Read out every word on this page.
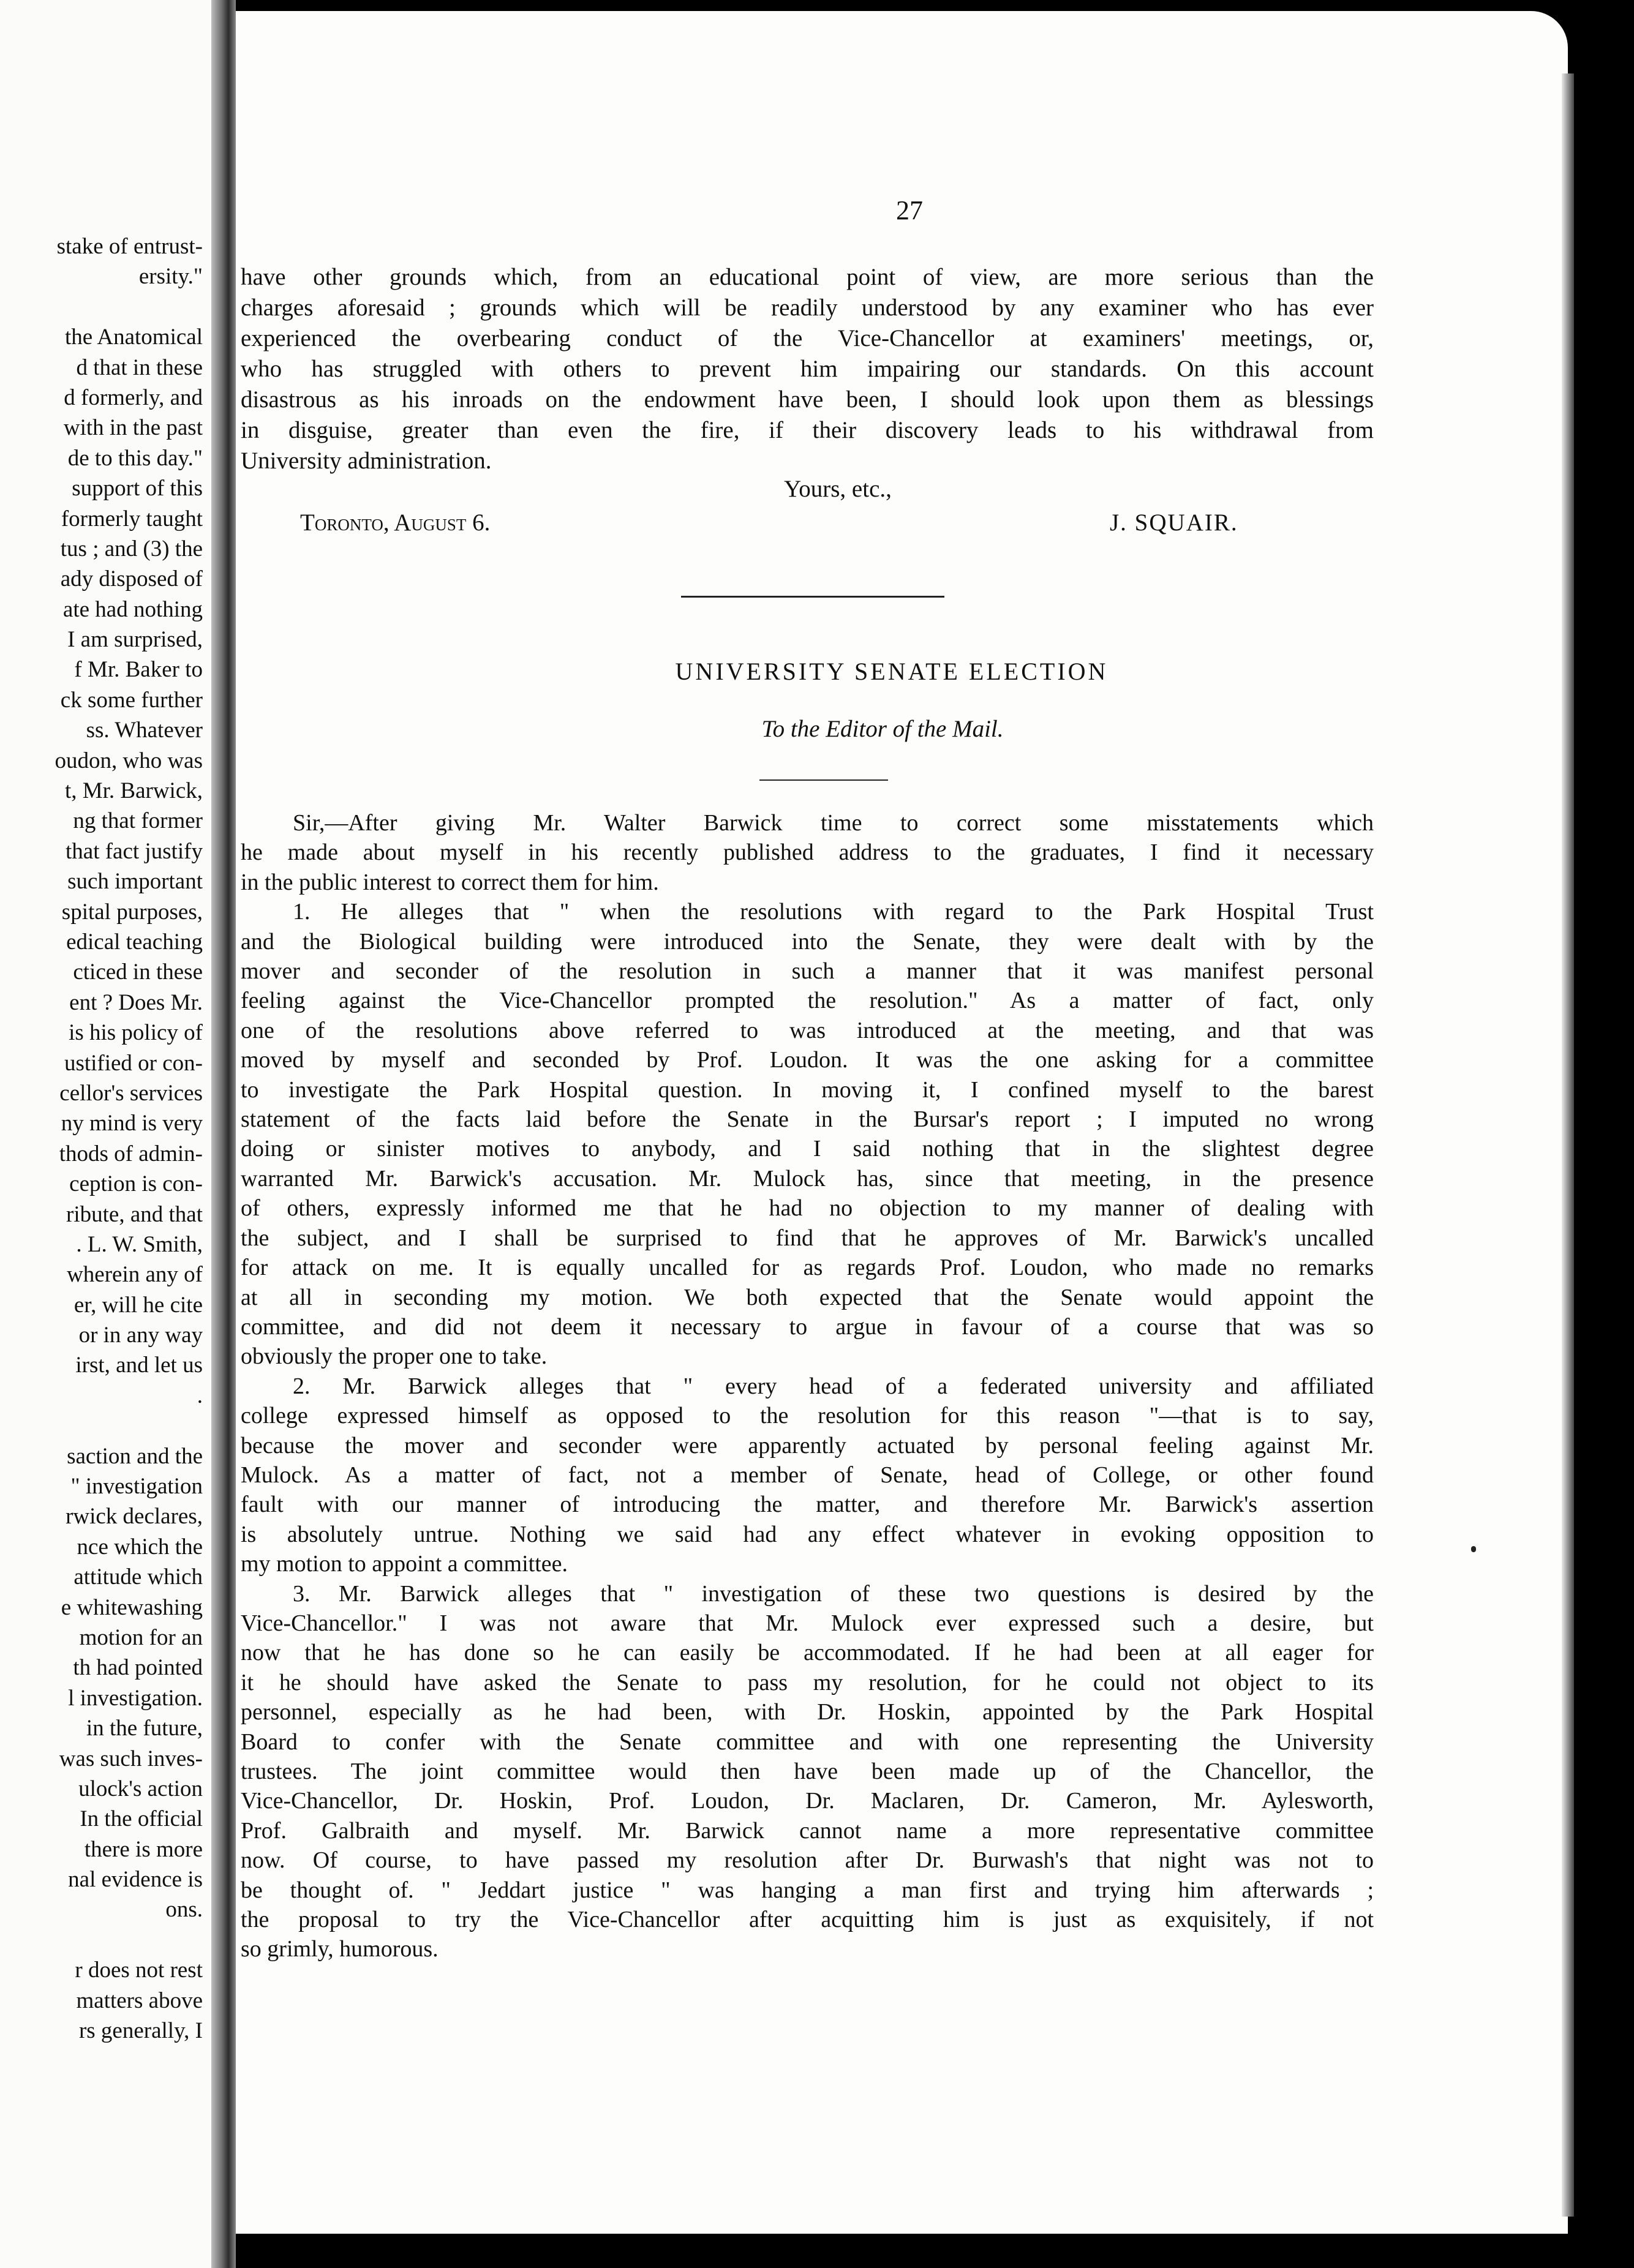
stake of entrust-
ersity."
the Anatomical
d that in these
d formerly, and
with in the past
de to this day."
support of this
formerly taught
tus ; and (3) the
ady disposed of
ate had nothing
I am surprised,
f Mr. Baker to
ck some further
ss. Whatever
oudon, who was
t, Mr. Barwick,
ng that former
that fact justify
such important
spital purposes,
edical teaching
cticed in these
ent ? Does Mr.
is his policy of
ustified or con-
cellor's services
ny mind is very
thods of admin-
ception is con-
ribute, and that
. L. W. Smith,
wherein any of
er, will he cite
or in any way
irst, and let us
.
saction and the
" investigation
rwick declares,
nce which the
attitude which
e whitewashing
motion for an
th had pointed
l investigation.
in the future,
was such inves-
ulock's action
In the official
there is more
nal evidence is
ons.
r does not rest
matters above
rs generally, I
27
have other grounds which, from an educational point of view, are more serious than the
charges aforesaid ; grounds which will be readily understood by any examiner who has ever
experienced the overbearing conduct of the Vice-Chancellor at examiners' meetings, or,
who has struggled with others to prevent him impairing our standards. On this account
disastrous as his inroads on the endowment have been, I should look upon them as blessings
in disguise, greater than even the fire, if their discovery leads to his withdrawal from
University administration.
Yours, etc.,
Toronto, August 6.	J. SQUAIR.
UNIVERSITY SENATE ELECTION
To the Editor of the Mail.
Sir,—After giving Mr. Walter Barwick time to correct some misstatements which
he made about myself in his recently published address to the graduates, I find it necessary
in the public interest to correct them for him.
1. He alleges that " when the resolutions with regard to the Park Hospital Trust
and the Biological building were introduced into the Senate, they were dealt with by the
mover and seconder of the resolution in such a manner that it was manifest personal
feeling against the Vice-Chancellor prompted the resolution." As a matter of fact, only
one of the resolutions above referred to was introduced at the meeting, and that was
moved by myself and seconded by Prof. Loudon. It was the one asking for a committee
to investigate the Park Hospital question. In moving it, I confined myself to the barest
statement of the facts laid before the Senate in the Bursar's report ; I imputed no wrong
doing or sinister motives to anybody, and I said nothing that in the slightest degree
warranted Mr. Barwick's accusation. Mr. Mulock has, since that meeting, in the presence
of others, expressly informed me that he had no objection to my manner of dealing with
the subject, and I shall be surprised to find that he approves of Mr. Barwick's uncalled
for attack on me. It is equally uncalled for as regards Prof. Loudon, who made no remarks
at all in seconding my motion. We both expected that the Senate would appoint the
committee, and did not deem it necessary to argue in favour of a course that was so
obviously the proper one to take.
2. Mr. Barwick alleges that " every head of a federated university and affiliated
college expressed himself as opposed to the resolution for this reason "—that is to say,
because the mover and seconder were apparently actuated by personal feeling against Mr.
Mulock. As a matter of fact, not a member of Senate, head of College, or other found
fault with our manner of introducing the matter, and therefore Mr. Barwick's assertion
is absolutely untrue. Nothing we said had any effect whatever in evoking opposition to
my motion to appoint a committee.
3. Mr. Barwick alleges that " investigation of these two questions is desired by the
Vice-Chancellor." I was not aware that Mr. Mulock ever expressed such a desire, but
now that he has done so he can easily be accommodated. If he had been at all eager for
it he should have asked the Senate to pass my resolution, for he could not object to its
personnel, especially as he had been, with Dr. Hoskin, appointed by the Park Hospital
Board to confer with the Senate committee and with one representing the University
trustees. The joint committee would then have been made up of the Chancellor, the
Vice-Chancellor, Dr. Hoskin, Prof. Loudon, Dr. Maclaren, Dr. Cameron, Mr. Aylesworth,
Prof. Galbraith and myself. Mr. Barwick cannot name a more representative committee
now. Of course, to have passed my resolution after Dr. Burwash's that night was not to
be thought of. " Jeddart justice " was hanging a man first and trying him afterwards ;
the proposal to try the Vice-Chancellor after acquitting him is just as exquisitely, if not
so grimly, humorous.
